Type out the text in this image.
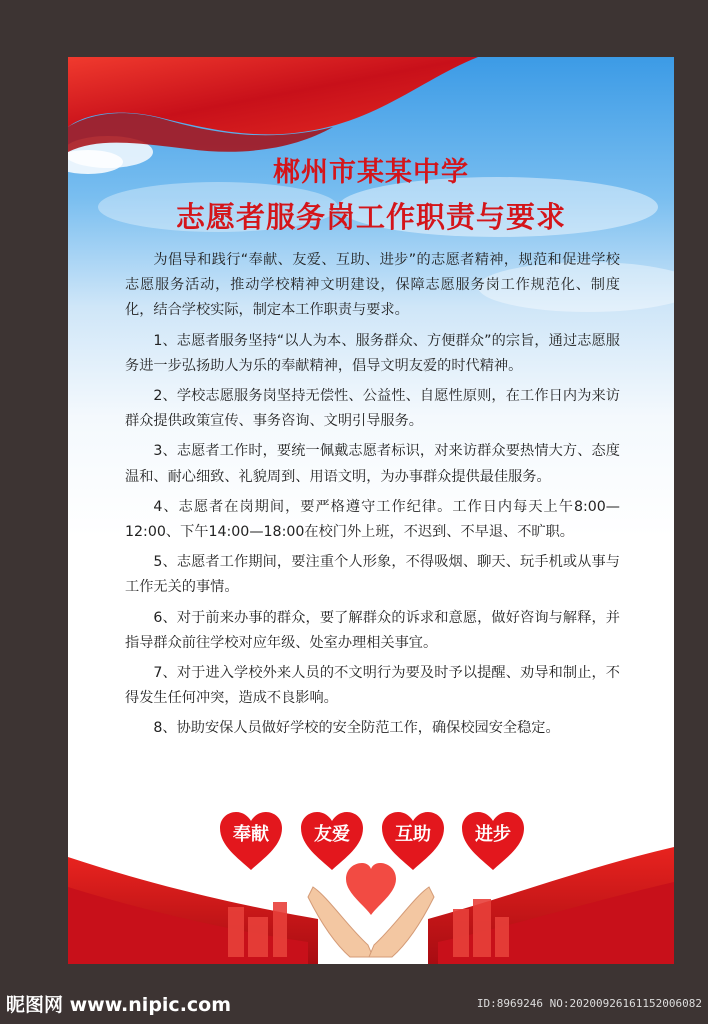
郴州市某某中学
志愿者服务岗工作职责与要求

为倡导和践行“奉献、友爱、互助、进步”的志愿者精神，规范和促进学校志愿服务活动，推动学校精神文明建设，保障志愿服务岗工作规范化、制度化，结合学校实际，制定本工作职责与要求。

1、志愿者服务坚持“以人为本、服务群众、方便群众”的宗旨，通过志愿服务进一步弘扬助人为乐的奉献精神，倡导文明友爱的时代精神。

2、学校志愿服务岗坚持无偿性、公益性、自愿性原则，在工作日内为来访群众提供政策宣传、事务咨询、文明引导服务。

3、志愿者工作时，要统一佩戴志愿者标识，对来访群众要热情大方、态度温和、耐心细致、礼貌周到、用语文明，为办事群众提供最佳服务。

4、志愿者在岗期间，要严格遵守工作纪律。工作日内每天上午8:00—12:00、下午14:00—18:00在校门外上班，不迟到、不早退、不旷职。

5、志愿者工作期间，要注重个人形象，不得吸烟、聊天、玩手机或从事与工作无关的事情。

6、对于前来办事的群众，要了解群众的诉求和意愿，做好咨询与解释，并指导群众前往学校对应年级、处室办理相关事宜。

7、对于进入学校外来人员的不文明行为要及时予以提醒、劝导和制止，不得发生任何冲突，造成不良影响。

8、协助安保人员做好学校的安全防范工作，确保校园安全稳定。

奉献	友爱	互助	进步
昵图网 www.nipic.com	ID:8969246 NO:20200926161152006082
